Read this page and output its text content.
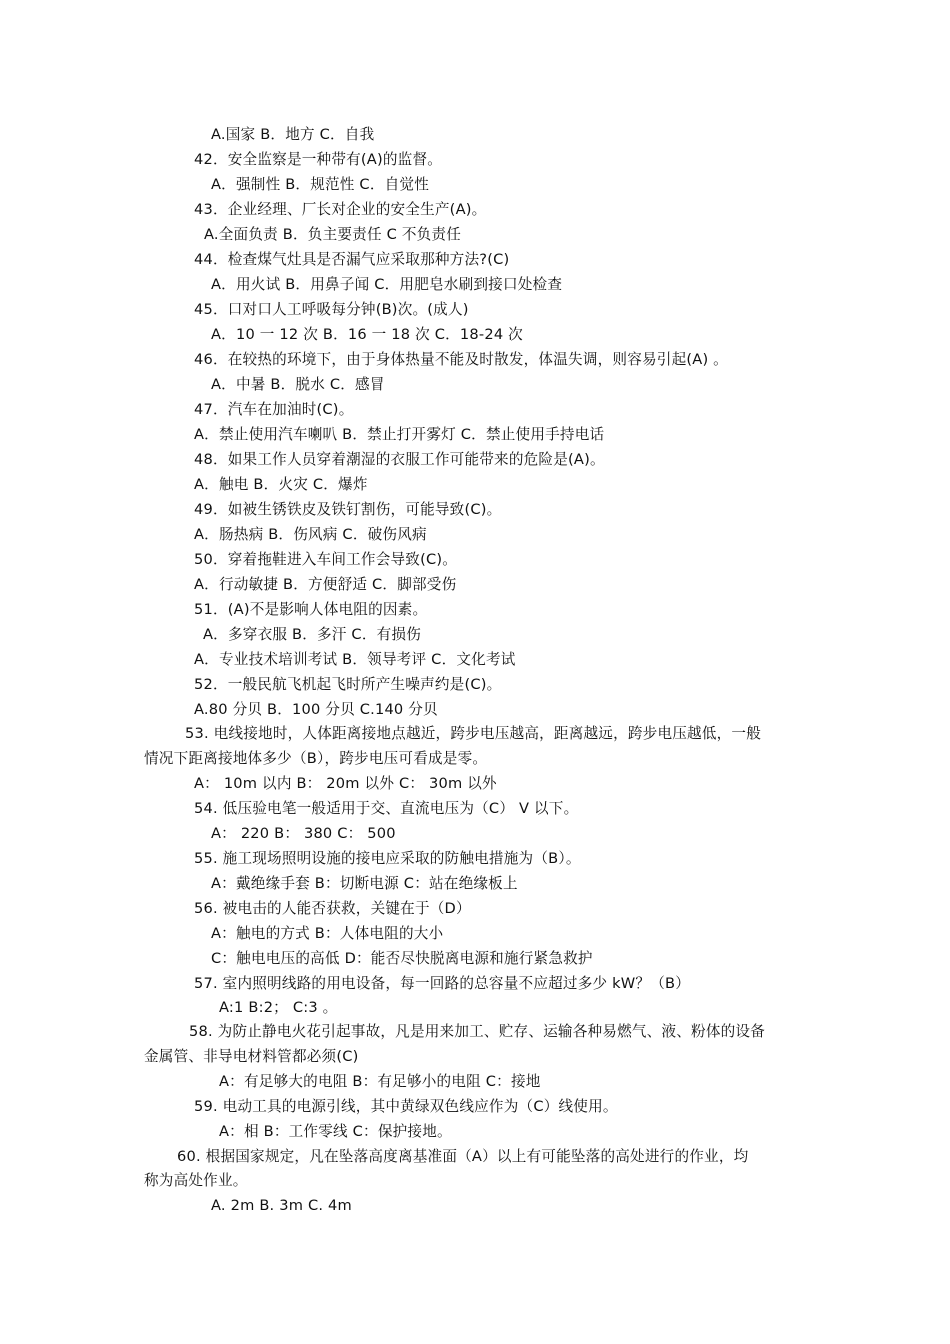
A.国家 B．地方 C．自我
42．安全监察是一种带有(A)的监督。
A．强制性 B．规范性 C．自觉性
43．企业经理、厂长对企业的安全生产(A)。
A.全面负责 B．负主要责任 C 不负责任
44．检查煤气灶具是否漏气应采取那种方法?(C)
A．用火试 B．用鼻子闻 C．用肥皂水刷到接口处检查
45．口对口人工呼吸每分钟(B)次。(成人)
A．10 一 12 次 B．16 一 18 次 C．18-24 次
46．在较热的环境下，由于身体热量不能及时散发，体温失调，则容易引起(A) 。
A．中暑 B．脱水 C．感冒
47．汽车在加油时(C)。
A．禁止使用汽车喇叭 B．禁止打开雾灯 C．禁止使用手持电话
48．如果工作人员穿着潮湿的衣服工作可能带来的危险是(A)。
A．触电 B．火灾 C．爆炸
49．如被生锈铁皮及铁钉割伤，可能导致(C)。
A．肠热病 B．伤风病 C．破伤风病
50．穿着拖鞋进入车间工作会导致(C)。
A．行动敏捷 B．方便舒适 C．脚部受伤
51．(A)不是影响人体电阻的因素。
A．多穿衣服 B．多汗 C．有损伤
A．专业技术培训考试 B．领导考评 C．文化考试
52．一般民航飞机起飞时所产生噪声约是(C)。
A.80 分贝 B．100 分贝 C.140 分贝
53. 电线接地时，人体距离接地点越近，跨步电压越高，距离越远，跨步电压越低，一般
情况下距离接地体多少（B），跨步电压可看成是零。
A： 10m 以内 B： 20m 以外 C： 30m 以外
54. 低压验电笔一般适用于交、直流电压为（C） V 以下。
A： 220 B： 380 C： 500
55. 施工现场照明设施的接电应采取的防触电措施为（B）。
A：戴绝缘手套 B：切断电源 C：站在绝缘板上
56. 被电击的人能否获救，关键在于（D）
A：触电的方式 B：人体电阻的大小
C：触电电压的高低 D：能否尽快脱离电源和施行紧急救护
57. 室内照明线路的用电设备，每一回路的总容量不应超过多少 kW？（B）
A:1 B:2； C:3 。
58. 为防止静电火花引起事故，凡是用来加工、贮存、运输各种易燃气、液、粉体的设备
金属管、非导电材料管都必须(C)
A：有足够大的电阻 B：有足够小的电阻 C：接地
59. 电动工具的电源引线，其中黄绿双色线应作为（C）线使用。
A：相 B：工作零线 C：保护接地。
60. 根据国家规定，凡在坠落高度离基准面（A）以上有可能坠落的高处进行的作业，均
称为高处作业。
A. 2m B. 3m C. 4m
